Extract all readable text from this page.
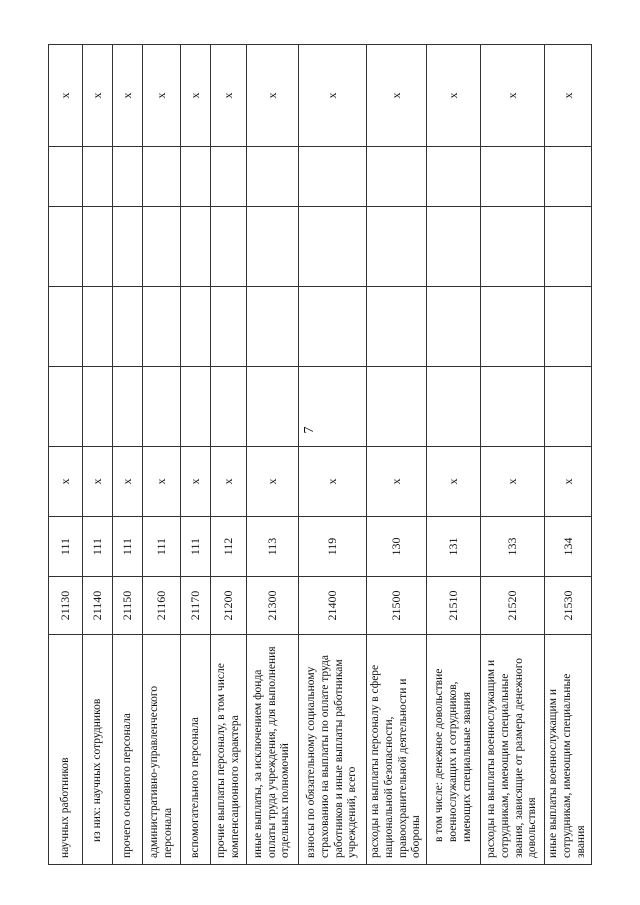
7
научных работников	21130	111	x					x
из них: научных сотрудников	21140	111	x					x
прочего основного персонала	21150	111	x					x
административно-управленческого персонала	21160	111	x					x
вспомогательного персонала	21170	111	x					x
прочие выплаты персоналу, в том числе компенсационного характера	21200	112	x					x
иные выплаты, за исключением фонда оплаты труда учреждения, для выполнения отдельных полномочий	21300	113	x					x
взносы по обязательному социальному страхованию на выплаты по оплате труда работников и иные выплаты работникам учреждений, всего	21400	119	x					x
расходы на выплаты персоналу в сфере национальной безопасности, правоохранительной деятельности и обороны	21500	130	x					x
в том числе: денежное довольствие военнослужащих и сотрудников, имеющих специальные звания	21510	131	x					x
расходы на выплаты военнослужащим и сотрудникам, имеющим специальные звания, зависящие от размера денежного довольствия	21520	133	x					x
иные выплаты военнослужащим и сотрудникам, имеющим специальные звания	21530	134	x					x
